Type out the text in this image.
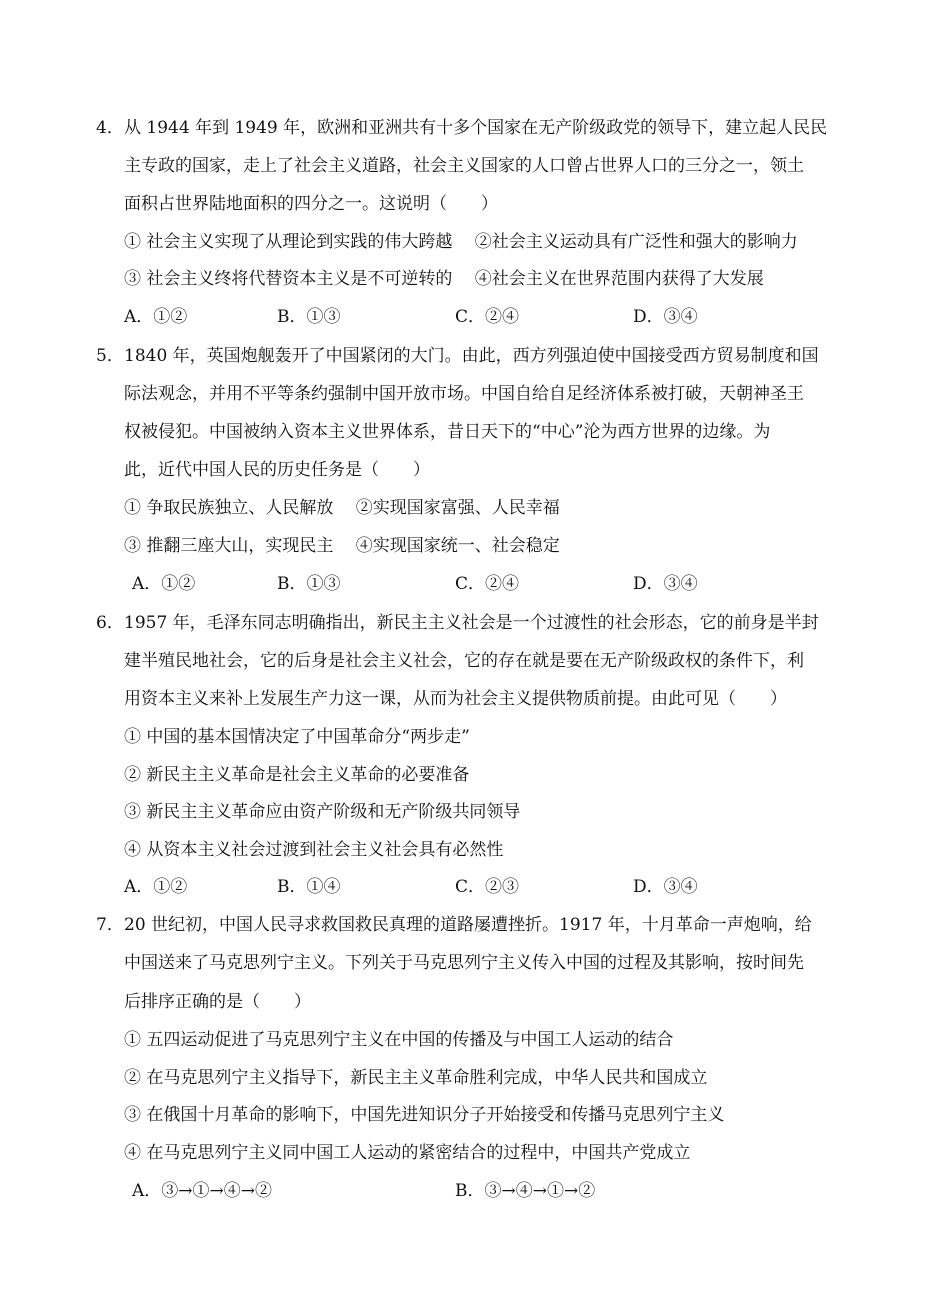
4． 从 1944 年到 1949 年，欧洲和亚洲共有十多个国家在无产阶级政党的领导下，建立起人民民
主专政的国家，走上了社会主义道路，社会主义国家的人口曾占世界人口的三分之一，领土
面积占世界陆地面积的四分之一。这说明（　　）
① 社会主义实现了从理论到实践的伟大跨越　 ②社会主义运动具有广泛性和强大的影响力
③ 社会主义终将代替资本主义是不可逆转的　 ④社会主义在世界范围内获得了大发展
A．①②	B．①③	C．②④	D．③④
5． 1840 年，英国炮舰轰开了中国紧闭的大门。由此，西方列强迫使中国接受西方贸易制度和国
际法观念，并用不平等条约强制中国开放市场。中国自给自足经济体系被打破，天朝神圣王
权被侵犯。中国被纳入资本主义世界体系，昔日天下的“中心”沦为西方世界的边缘。为
此，近代中国人民的历史任务是（　　）
① 争取民族独立、人民解放　 ②实现国家富强、人民幸福
③ 推翻三座大山，实现民主　 ④实现国家统一、社会稳定
A．①②	B．①③	C．②④	D．③④
6． 1957 年，毛泽东同志明确指出，新民主主义社会是一个过渡性的社会形态，它的前身是半封
建半殖民地社会，它的后身是社会主义社会，它的存在就是要在无产阶级政权的条件下，利
用资本主义来补上发展生产力这一课，从而为社会主义提供物质前提。由此可见（　　）
① 中国的基本国情决定了中国革命分“两步走”
② 新民主主义革命是社会主义革命的必要准备
③ 新民主主义革命应由资产阶级和无产阶级共同领导
④ 从资本主义社会过渡到社会主义社会具有必然性
A．①②	B．①④	C．②③	D．③④
7． 20 世纪初，中国人民寻求救国救民真理的道路屡遭挫折。1917 年，十月革命一声炮响，给
中国送来了马克思列宁主义。下列关于马克思列宁主义传入中国的过程及其影响，按时间先
后排序正确的是（　　）
① 五四运动促进了马克思列宁主义在中国的传播及与中国工人运动的结合
② 在马克思列宁主义指导下，新民主主义革命胜利完成，中华人民共和国成立
③ 在俄国十月革命的影响下，中国先进知识分子开始接受和传播马克思列宁主义
④ 在马克思列宁主义同中国工人运动的紧密结合的过程中，中国共产党成立
A．③→①→④→②	B．③→④→①→②
